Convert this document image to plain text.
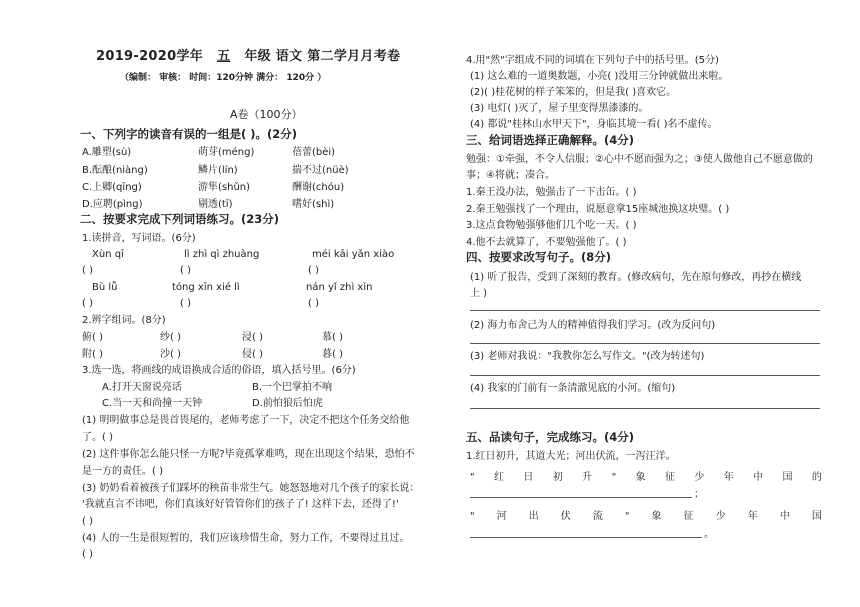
2019-2020学年 五 年级 语文 第二学月月考卷
（编制： 审核： 时间：120分钟 满分： 120分 ）
A卷（100分）
一、下列字的读音有误的一组是( )。(2分)
A.雕塑(sù)	萌芽(méng)	蓓蕾(bèi)
B.酝酿(niàng)	鳞片(lín)	揣不过(nüè)
C.上卿(qīng)	游隼(shǔn)	酬谢(chóu)
D.应聘(pìng)	剔透(tī)	嗜好(shì)
二、按要求完成下列词语练习。(23分)
1.读拼音，写词语。(6分)
Xùn qī	lì zhì qì zhuàng	méi kāi yǎn xiào
( )	( )	( )
Bù lǚ	tóng xīn xié lì	nán yǐ zhì xìn
( )	( )	( )
2.辨字组词。(8分)
俯( )	纱( )	浸( )	慕( )
附( )	沙( )	侵( )	暮( )
3.选一选，将画线的成语换成合适的俗语，填入括号里。(6分)
A.打开天窗说亮话	B.一个巴掌拍不响
C.当一天和尚撞一天钟	D.前怕狼后怕虎
(1) 明明做事总是畏首畏尾的，老师考虑了一下，决定不把这个任务交给他
了。( )
(2) 这件事你怎么能只怪一方呢?毕竟孤掌难鸣，现在出现这个结果，恐怕不
是一方的责任。( )
(3) 奶奶看着被孩子们踩坏的秧苗非常生气。她怒怒地对几个孩子的家长说：
'我就直言不讳吧，你们真该好好管管你们的孩子了! 这样下去，还得了!'
( )
(4) 人的一生是很短暂的，我们应该珍惜生命，努力工作，不要得过且过。
( )
4.用"然"字组成不同的词填在下列句子中的括号里。(5分)
(1) 这么难的一道奥数题，小亮( )没用三分钟就做出来啦。
(2)( )桂花树的样子笨笨的，但是我( )喜欢它。
(3) 电灯( )灭了，屋子里变得黑漆漆的。
(4) 都说"桂林山水甲天下"，身临其境一看( )名不虚传。
三、给词语选择正确解释。(4分)
勉强：①牵强，不令人信服；②心中不愿而强为之；③使人做他自己不愿意做的
事；④将就；凑合。
1.秦王没办法，勉强击了一下击缶。( )
2.秦王勉强找了一个理由，说愿意拿15座城池换这块璧。( )
3.这点食物勉强够他们几个吃一天。( )
4.他不去就算了，不要勉强他了。( )
四、按要求改写句子。(8分)
(1) 听了报告，受到了深刻的教育。(修改病句，先在原句修改，再抄在横线
上 )
(2) 海力布舍己为人的精神值得我们学习。(改为反问句)
(3) 老师对我说："我教你怎么写作文。"(改为转述句)
(4) 我家的门前有一条清澈见底的小河。(缩句)
五、品读句子，完成练习。(4分)
1.红日初升，其道大光；河出伏流，一泻汪洋。
" 红 日 初 升 " 象 征 少 年 中 国 的
；
" 河 出 伏 流 " 象 征 少 年 中 国
。
